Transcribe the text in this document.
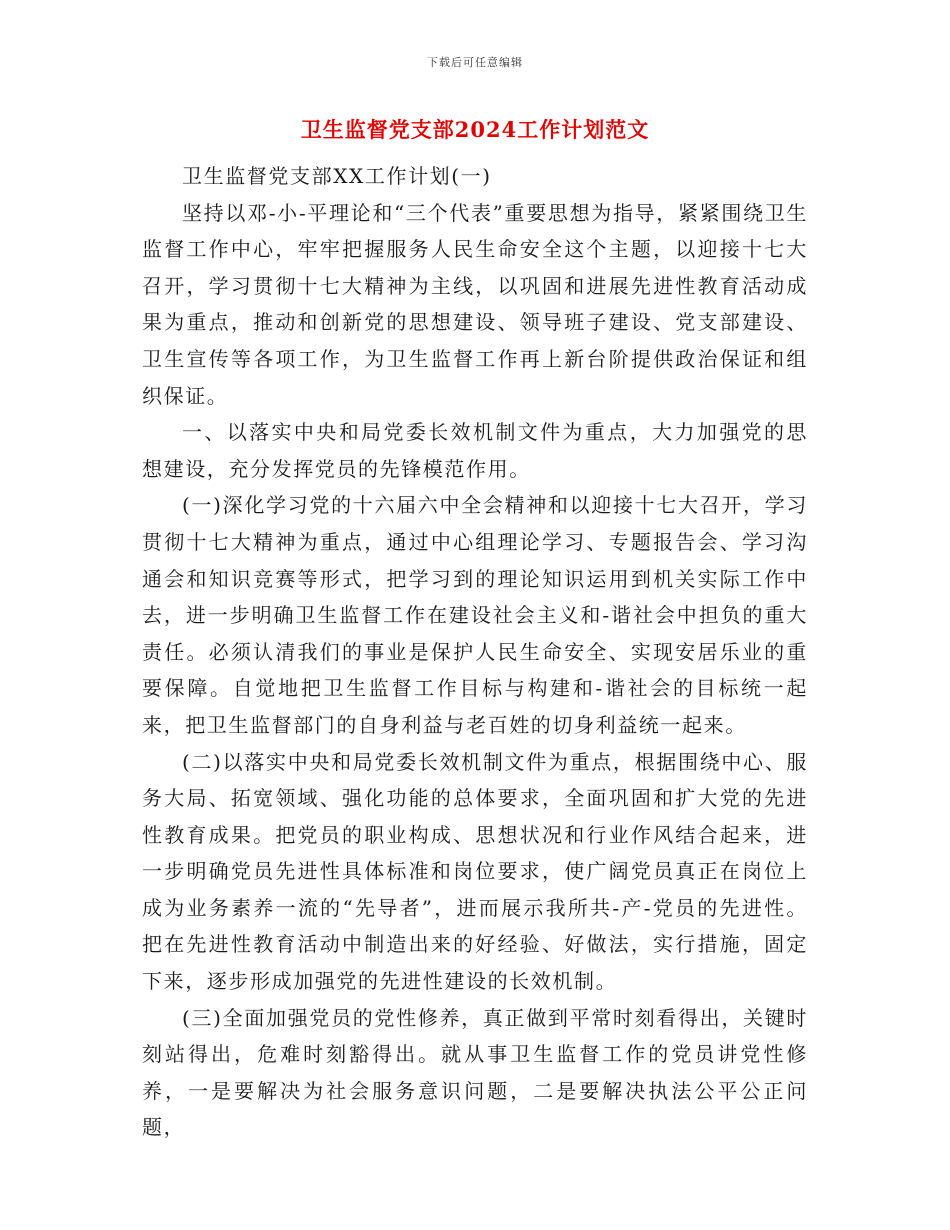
下载后可任意编辑
卫生监督党支部2024工作计划范文

卫生监督党支部XX工作计划(一)

坚持以邓-小-平理论和“三个代表”重要思想为指导，紧紧围绕卫生监督工作中心，牢牢把握服务人民生命安全这个主题，以迎接十七大召开，学习贯彻十七大精神为主线，以巩固和进展先进性教育活动成果为重点，推动和创新党的思想建设、领导班子建设、党支部建设、卫生宣传等各项工作，为卫生监督工作再上新台阶提供政治保证和组织保证。

一、以落实中央和局党委长效机制文件为重点，大力加强党的思想建设，充分发挥党员的先锋模范作用。

(一)深化学习党的十六届六中全会精神和以迎接十七大召开，学习贯彻十七大精神为重点，通过中心组理论学习、专题报告会、学习沟通会和知识竞赛等形式，把学习到的理论知识运用到机关实际工作中去，进一步明确卫生监督工作在建设社会主义和-谐社会中担负的重大责任。必须认清我们的事业是保护人民生命安全、实现安居乐业的重要保障。自觉地把卫生监督工作目标与构建和-谐社会的目标统一起来，把卫生监督部门的自身利益与老百姓的切身利益统一起来。

(二)以落实中央和局党委长效机制文件为重点，根据围绕中心、服务大局、拓宽领域、强化功能的总体要求，全面巩固和扩大党的先进性教育成果。把党员的职业构成、思想状况和行业作风结合起来，进一步明确党员先进性具体标准和岗位要求，使广阔党员真正在岗位上成为业务素养一流的“先导者”，进而展示我所共-产-党员的先进性。把在先进性教育活动中制造出来的好经验、好做法，实行措施，固定下来，逐步形成加强党的先进性建设的长效机制。

(三)全面加强党员的党性修养，真正做到平常时刻看得出，关键时刻站得出，危难时刻豁得出。就从事卫生监督工作的党员讲党性修养，一是要解决为社会服务意识问题，二是要解决执法公平公正问题，
